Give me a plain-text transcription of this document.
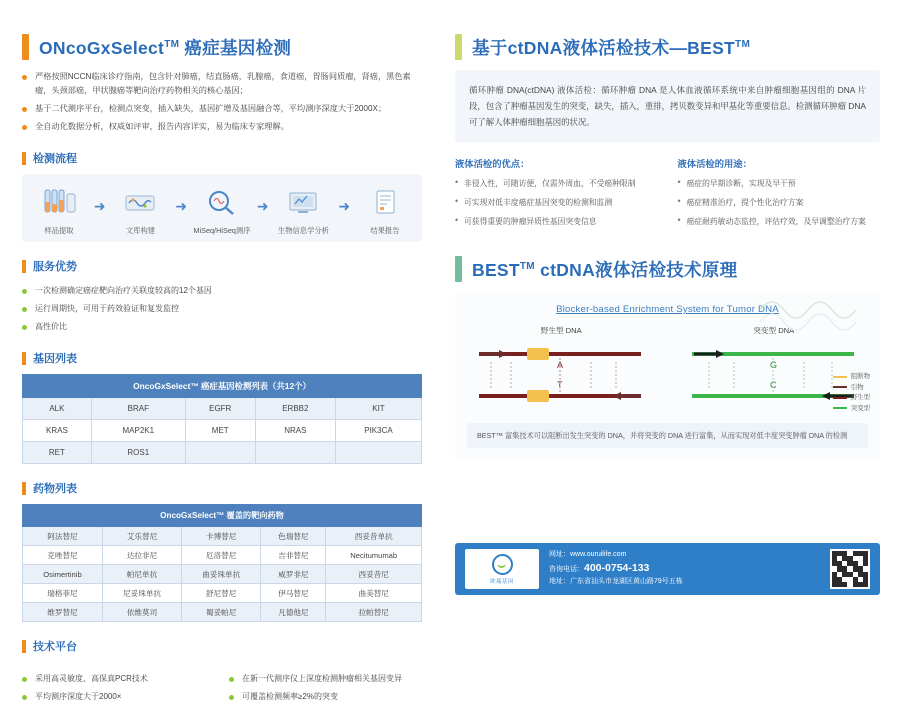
ONcoGxSelect™ 癌症基因检测
严格按照NCCN临床诊疗指南，包含针对肺癌，结直肠癌，乳腺癌，食道癌，胃肠间质瘤，肾癌，黑色素瘤，头颈部癌，甲状腺癌等靶向治疗药物相关的核心基因；
基于二代测序平台，检测点突变，插入缺失，基因扩增及基因融合等，平均测序深度大于2000X；
全自动化数据分析，权威如评审，报告内容详实，易为临床专家理解。
检测流程
样品提取
➜
文库构建
➜
MiSeq/HiSeq测序
➜
生物信息学分析
➜
结果报告
服务优势
一次检测确定癌症靶向治疗关联度较高的12个基因
运行周期快，可用于药效验证和复发监控
高性价比
基因列表
OncoGxSelect™ 癌症基因检测列表（共12个）				
ALK	BRAF	EGFR	ERBB2	KIT
KRAS	MAP2K1	MET	NRAS	PIK3CA
RET	ROS1			
药物列表
OncoGxSelect™ 覆盖的靶向药物				
阿法替尼	艾乐替尼	卡博替尼	色瑞替尼	西妥昔单抗
克唑替尼	达拉非尼	厄洛替尼	吉非替尼	Necitumumab
Osimertinib	帕尼单抗	曲妥珠单抗	威罗非尼	西妥昔尼
瑞格菲尼	尼妥珠单抗	舒尼替尼	伊马替尼	曲美替尼
维罗替尼	依维莫司	蜀妥帕尼	凡德他尼	拉帕替尼
技术平台
采用高灵敏度、高保真PCR技术
平均测序深度大于2000×
在新一代测序仪上深度检测肿瘤相关基因变异
可覆盖检测频率≥2%的突变
基于ctDNA液体活检技术—BEST™
循环肿瘤 DNA(ctDNA) 液体活检：循环肿瘤 DNA 是人体血液循环系统中来自肿瘤细胞基因组的 DNA 片段，包含了肿瘤基因发生的突变，缺失，插入，重排，拷贝数变异和甲基化等重要信息。检测循环肿瘤 DNA 可了解人体肿瘤细胞基因的状况。
液体活检的优点：
• 非侵入性，可随访便，仅需外周血，不受癌种限制
• 可实现对低丰度癌症基因突变的检测和监测
• 可获得重要的肿瘤异质性基因突变信息
液体活检的用途：
• 癌症的早期诊断，实现及早干预
• 癌症精准治疗，提个性化治疗方案
• 癌症耐药敏动态监控，评估疗效，及早调整治疗方案
BEST™ ctDNA液体活检技术原理
Blocker-based Enrichment System for Tumor DNA
野生型 DNA
A
T
突变型 DNA
G
C
阻断物
引物
野生型
突变型
BEST™ 富集技术可以阻断出发生突变的 DNA，并将突变的 DNA 进行富集，从而实现对低丰度突变肿瘤 DNA 的检测
欧瑞基因
网址：www.ouruilife.com
咨询电话：400-0754-133
地址：广东省汕头市龙湖区黄山路79号五栋
